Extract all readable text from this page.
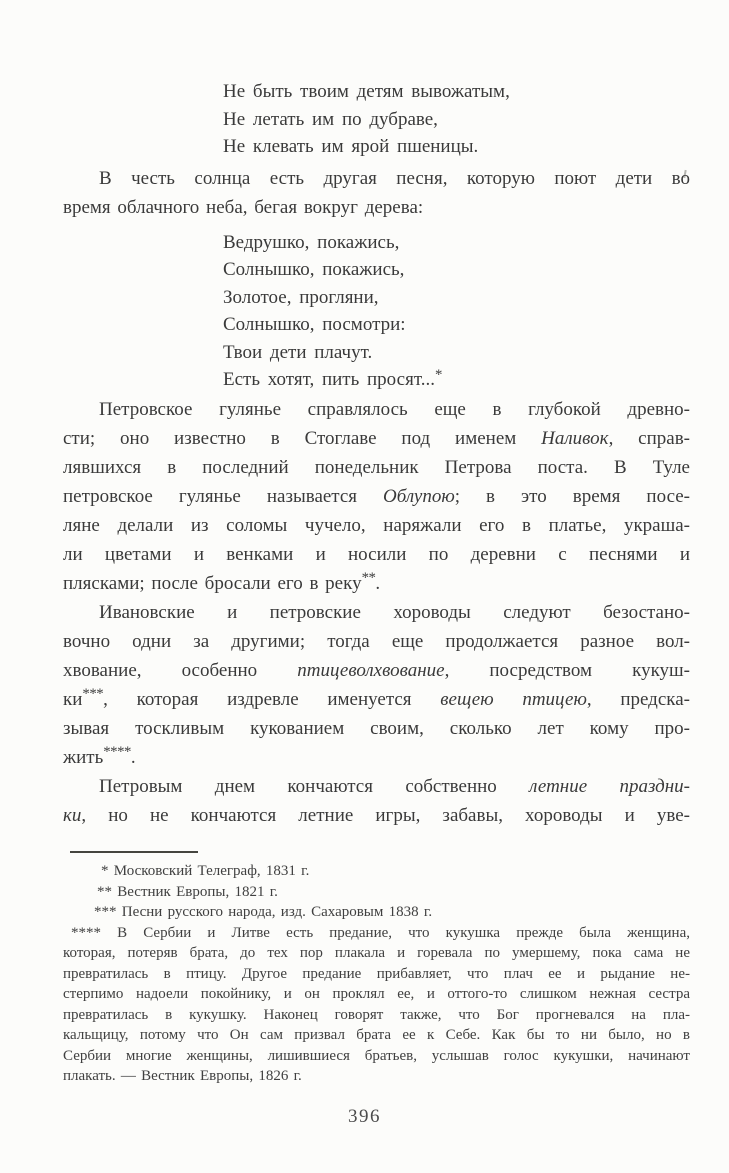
Не быть твоим детям вывожатым,
Не летать им по дубраве,
Не клевать им ярой пшеницы.
В честь солнца есть другая песня, которую поют дети во
время облачного неба, бегая вокруг дерева:
Ведрушко, покажись,
Солнышко, покажись,
Золотое, прогляни,
Солнышко, посмотри:
Твои дети плачут.
Есть хотят, пить просят...*
Петровское гулянье справлялось еще в глубокой древно-
сти; оно известно в Стоглаве под именем Наливок, справ-
лявшихся в последний понедельник Петрова поста. В Туле
петровское гулянье называется Облупою; в это время посе-
ляне делали из соломы чучело, наряжали его в платье, украша-
ли цветами и венками и носили по деревни с песнями и
плясками; после бросали его в реку**.
Ивановские и петровские хороводы следуют безостано-
вочно одни за другими; тогда еще продолжается разное вол-
хвование, особенно птицеволхвование, посредством кукуш-
ки***, которая издревле именуется вещею птицею, предска-
зывая тоскливым кукованием своим, сколько лет кому про-
жить****.
Петровым днем кончаются собственно летние праздни-
ки, но не кончаются летние игры, забавы, хороводы и уве-
* Московский Телеграф, 1831 г.
** Вестник Европы, 1821 г.
*** Песни русского народа, изд. Сахаровым 1838 г.
**** В Сербии и Литве есть предание, что кукушка прежде была женщина,
которая, потеряв брата, до тех пор плакала и горевала по умершему, пока сама не
превратилась в птицу. Другое предание прибавляет, что плач ее и рыдание не-
стерпимо надоели покойнику, и он проклял ее, и оттого-то слишком нежная сестра
превратилась в кукушку. Наконец говорят также, что Бог прогневался на пла-
кальщицу, потому что Он сам призвал брата ее к Себе. Как бы то ни было, но в
Сербии многие женщины, лишившиеся братьев, услышав голос кукушки, начинают
плакать. — Вестник Европы, 1826 г.
396
